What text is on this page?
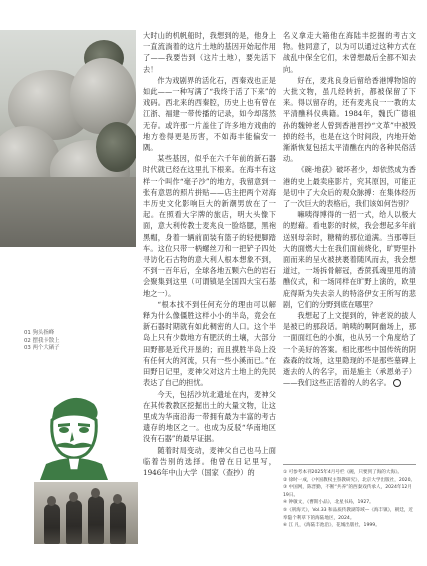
01 狗头指峰
02 摆我卡散上
03 两个大硒子

大时山的机帆船时，我想到的是，他身上一直流淌着的这片土地的基因开始起作用了——我要告到（这片土地），要先活下去！

作为戏剧界的活化石，西秦戏也正是如此——一种写满了“我终于活了下来”的戏码。西北来的西秦腔，历史上也有曾在江浙、福建一带传播的记录，如今却荡然无存。或许那一片盖住了许多地方戏曲的地方卷得更是历害，不如海丰能偏安一隅。

某些基因，似乎在六千年前的新石器时代就已经在这里扎下根来。在海丰有这样一个叫作“毫子沙”的地方，我留意到一张有意思的照片拼贴——店主把两个对海丰历史文化影响巨大的新潮男放在了一起。在照看大字牌的旅店，明大头像下面，意大利传教士麦兆良一脸络腮，黑袍黑帽，身着一辆前面装有篮子的轻便脚踏车。这位只带一柄螺丝刀和一把铲子四处寻访化石古物的意大利人根本想象不到，不到一百年后，全球各地五颗六色的岩石会聚集到这里（可谓镇是全国四大宝石基地之一）。

“根本找不到任何充分的理由可以解释为什么像僵胜这样小小的半岛，竟会在新石器时期就有如此稠密的人口。这个半岛上只有少数地方有肥沃的土壤，大部分田野都是近代开垦的；而且摸胜半岛上没有任何大的河流，只有一些小溪而已。”在田野日记里，麦神父对这片土地上的先民表达了自己的担忧。

今天，包括沙坑北遗址在内，麦神父在其传教教区挖掘出土的大量文物，让这里成为华南沿海一带拥有最为丰富的考古遗存的地区之一。也成为反驳“华南地区没有石器”的最早证据。

随着时局变动，麦神父自己也马上面临着告别的选择。他曾在日记里写，1946年中山大学（国家（查抄）的

名义拿走大箱他在海陆丰挖掘的考古文物。他同意了，以为可以通过这种方式在战乱中保全它们，未曾想最后全都不知去向。

好在，麦兆良身后留给香港博物馆的大批文物，虽几经转折，都被保留了下来。得以留存的，还有麦兆良一一教的太平清醮科仪典籍。1984年，魏氏广德祖孙的魏钟老人曾到香港晋抄“文革”中被毁掉的经书，也是在这个时间段，内地开始渐渐恢复包括太平清醮在内的各种民俗活动。

《碗·地获》破坏者少，却依然成为香港的史上最卖座影片，究其原因，可能正是切中了大众后的观众脉搏：在集体经历了一次巨大的表格后，我们该如何告别？

嘛咦得博得的一招一式，给人以极大的慰藉。看电影的时候，我会想起多年前送别母亲时，糖精的那位道满。当那尊巨大的面燃大士在我们面前烧化，旷野里扑面而来的呈火被挟裹着随风而去，我会想道过，一场拆骨解冠，香蔗孤魂里甩的清醮仪式，和一场同样在旷野上演的，欧里庇得斯为失去亲人的特洛伊女王所写的悲剧，它们的分野到底在哪里？

我想起了上文提到的，钟老说的拔人是被已的那段话。呐咦的啊阿幽场上，那一面面红色的小旗，也从另一个角度给了一个美好的答案。相比那些中国传统的阴森森的纹场，这里隐现的不是那些墓碑上逝去的人的名字，而是施主（承恩弟子）——我们这些正活着的人的名字。

① 可参考本刊2025年4月号栏《碗，只要到了海的大海》。

② 徐时一成，《中国教权主祭教研究》，北京大学出版社，2020。

③ 中国网，陈晋勤，不断“共养”的西秦戏传承人，2024年12月19日。

④ 钟敏文，《曹斯小品》，北星书局，1927。

⑤《刑海天》，Vol.33 和品质传教湖等域—《海丰镇》，朝廷，近奉隐个利草下的海陆地区，2024。

⑥ 江 凡，《海陆丰池沿》，花城出版社，1999。
